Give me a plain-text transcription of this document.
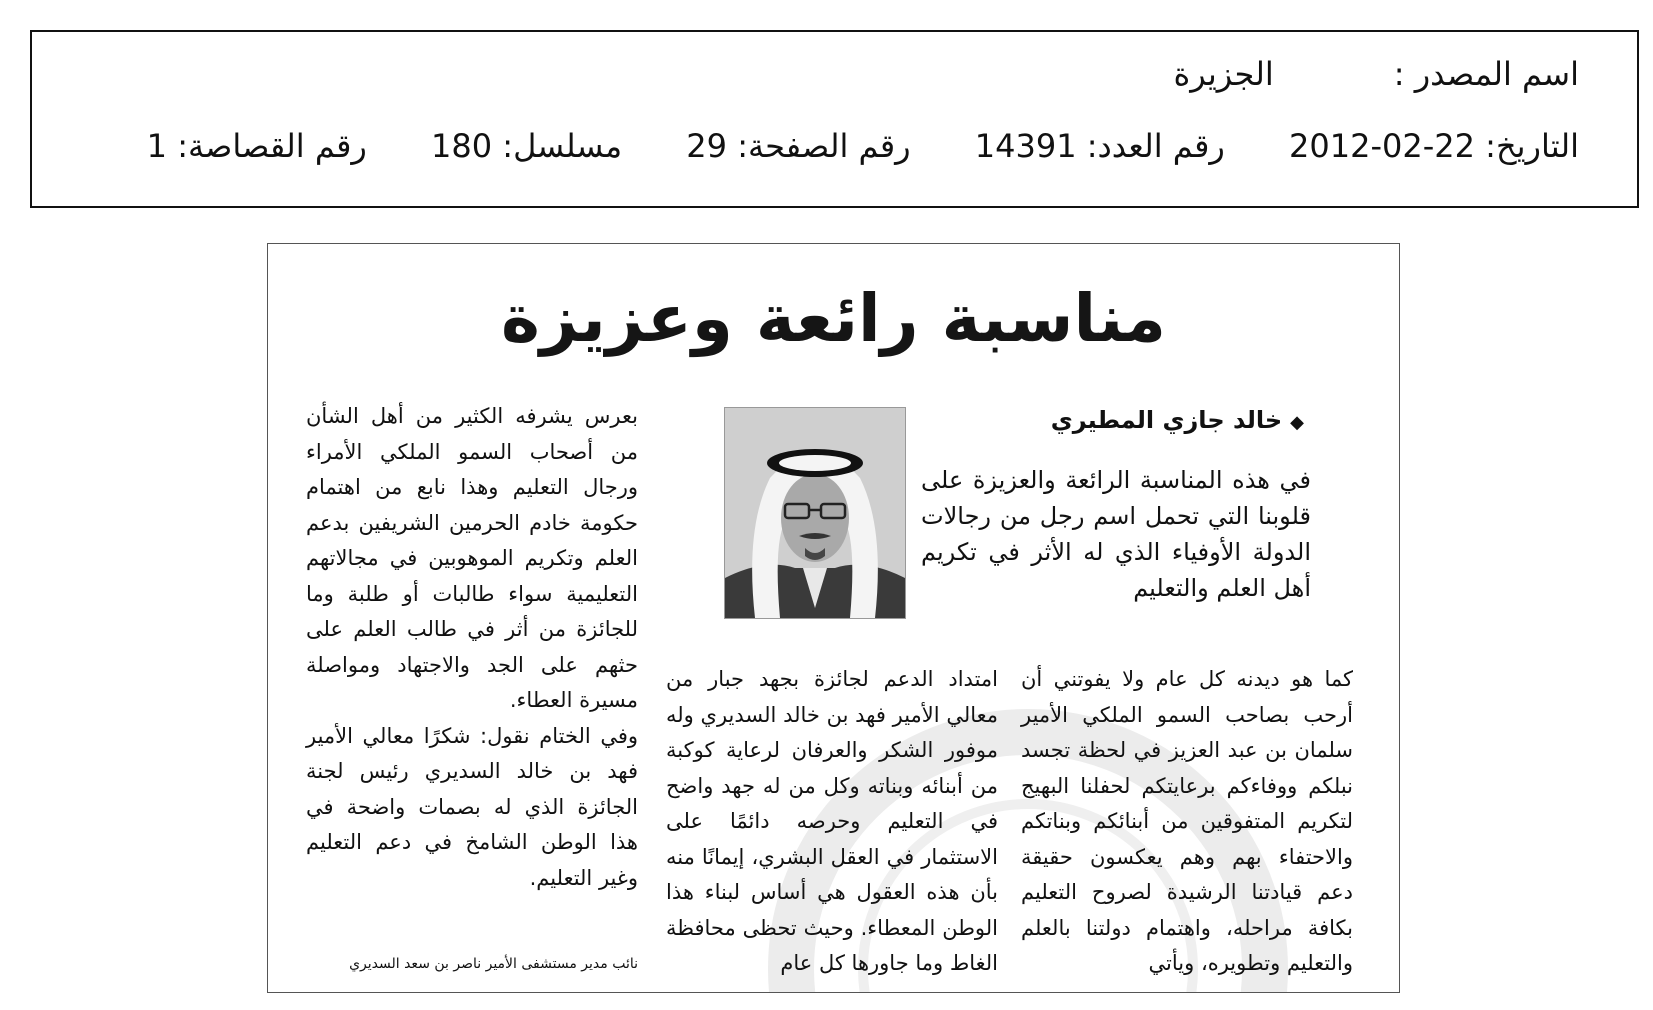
اسم المصدر :الجزيرة
التاريخ: 22-02-2012 رقم العدد: 14391 رقم الصفحة: 29 مسلسل: 180 رقم القصاصة: 1
مناسبة رائعة وعزيزة
◆خالد جازي المطيري
في هذه المناسبة الرائعة والعزيزة على قلوبنا التي تحمل اسم رجل من رجالات الدولة الأوفياء الذي له الأثر في تكريم أهل العلم والتعليم
كما هو ديدنه كل عام ولا يفوتني أن أرحب بصاحب السمو الملكي الأمير سلمان بن عبد العزيز في لحظة تجسد نبلكم ووفاءكم برعايتكم لحفلنا البهيج لتكريم المتفوقين من أبنائكم وبناتكم والاحتفاء بهم وهم يعكسون حقيقة دعم قيادتنا الرشيدة لصروح التعليم بكافة مراحله، واهتمام دولتنا بالعلم والتعليم وتطويره، ويأتي
امتداد الدعم لجائزة بجهد جبار من معالي الأمير فهد بن خالد السديري وله موفور الشكر والعرفان لرعاية كوكبة من أبنائه وبناته وكل من له جهد واضح في التعليم وحرصه دائمًا على الاستثمار في العقل البشري، إيمانًا منه بأن هذه العقول هي أساس لبناء هذا الوطن المعطاء. وحيث تحظى محافظة الغاط وما جاورها كل عام

بعرس يشرفه الكثير من أهل الشأن من أصحاب السمو الملكي الأمراء ورجال التعليم وهذا نابع من اهتمام حكومة خادم الحرمين الشريفين بدعم العلم وتكريم الموهوبين في مجالاتهم التعليمية سواء طالبات أو طلبة وما للجائزة من أثر في طالب العلم على حثهم على الجد والاجتهاد ومواصلة مسيرة العطاء.

وفي الختام نقول: شكرًا معالي الأمير فهد بن خالد السديري رئيس لجنة الجائزة الذي له بصمات واضحة في هذا الوطن الشامخ في دعم التعليم وغير التعليم.

نائب مدير مستشفى الأمير ناصر بن سعد السديري
